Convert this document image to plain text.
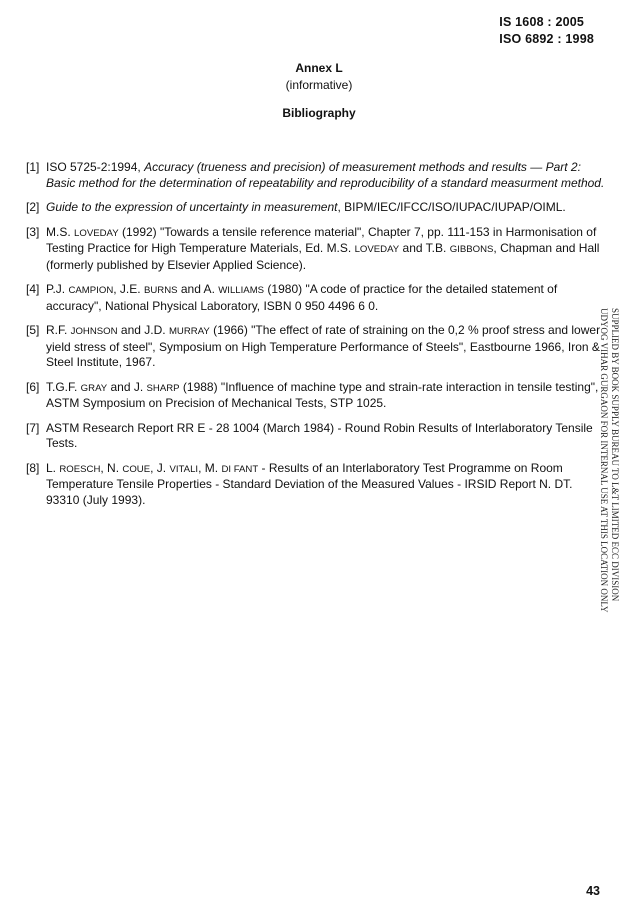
IS 1608 : 2005
ISO 6892 : 1998
Annex L
(informative)
Bibliography
[1] ISO 5725-2:1994, Accuracy (trueness and precision) of measurement methods and results — Part 2: Basic method for the determination of repeatability and reproducibility of a standard measurment method.
[2] Guide to the expression of uncertainty in measurement, BIPM/IEC/IFCC/ISO/IUPAC/IUPAP/OIML.
[3] M.S. LOVEDAY (1992) "Towards a tensile reference material", Chapter 7, pp. 111-153 in Harmonisation of Testing Practice for High Temperature Materials, Ed. M.S. LOVEDAY and T.B. GIBBONS, Chapman and Hall (formerly published by Elsevier Applied Science).
[4] P.J. CAMPION, J.E. BURNS and A. WILLIAMS (1980) "A code of practice for the detailed statement of accuracy", National Physical Laboratory, ISBN 0 950 4496 6 0.
[5] R.F. JOHNSON and J.D. MURRAY (1966) "The effect of rate of straining on the 0,2 % proof stress and lower yield stress of steel", Symposium on High Temperature Performance of Steels", Eastbourne 1966, Iron & Steel Institute, 1967.
[6] T.G.F. GRAY and J. SHARP (1988) "Influence of machine type and strain-rate interaction in tensile testing", ASTM Symposium on Precision of Mechanical Tests, STP 1025.
[7] ASTM Research Report RR E - 28 1004 (March 1984) - Round Robin Results of Interlaboratory Tensile Tests.
[8] L. ROESCH, N. COUE, J. VITALI, M. DI FANT - Results of an Interlaboratory Test Programme on Room Temperature Tensile Properties - Standard Deviation of the Measured Values - IRSID Report N. DT. 93310 (July 1993).	SUPPLIED BY BOOK SUPPLY BUREAU TO L&T LIMITED ECC DIVISION
UDYOG VIHAR GURGAON FOR INTERNAL USE AT THIS LOCATION ONLY
43
